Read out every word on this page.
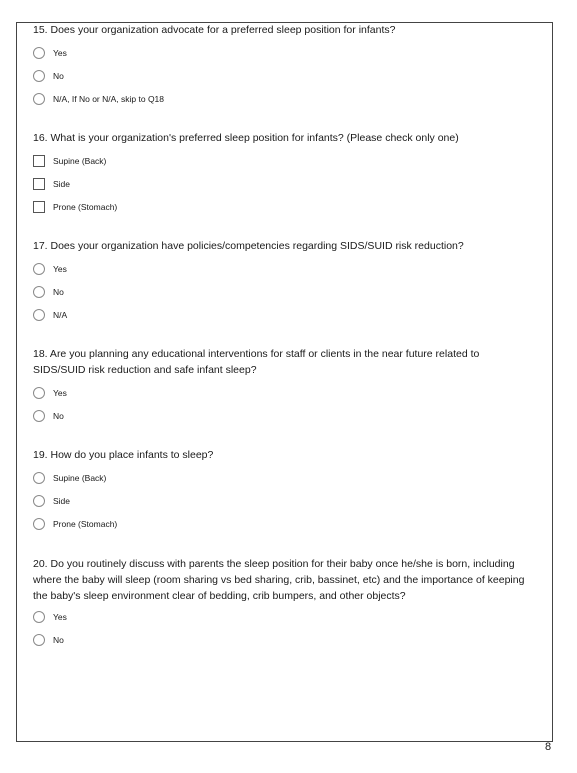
15. Does your organization advocate for a preferred sleep position for infants?
Yes
No
N/A, If No or N/A, skip to Q18
16. What is your organization's preferred sleep position for infants? (Please check only one)
Supine (Back)
Side
Prone (Stomach)
17. Does your organization have policies/competencies regarding SIDS/SUID risk reduction?
Yes
No
N/A
18. Are you planning any educational interventions for staff or clients in the near future related to SIDS/SUID risk reduction and safe infant sleep?
Yes
No
19. How do you place infants to sleep?
Supine (Back)
Side
Prone (Stomach)
20. Do you routinely discuss with parents the sleep position for their baby once he/she is born, including where the baby will sleep (room sharing vs bed sharing, crib, bassinet, etc) and the importance of keeping the baby's sleep environment clear of bedding, crib bumpers, and other objects?
Yes
No
8
